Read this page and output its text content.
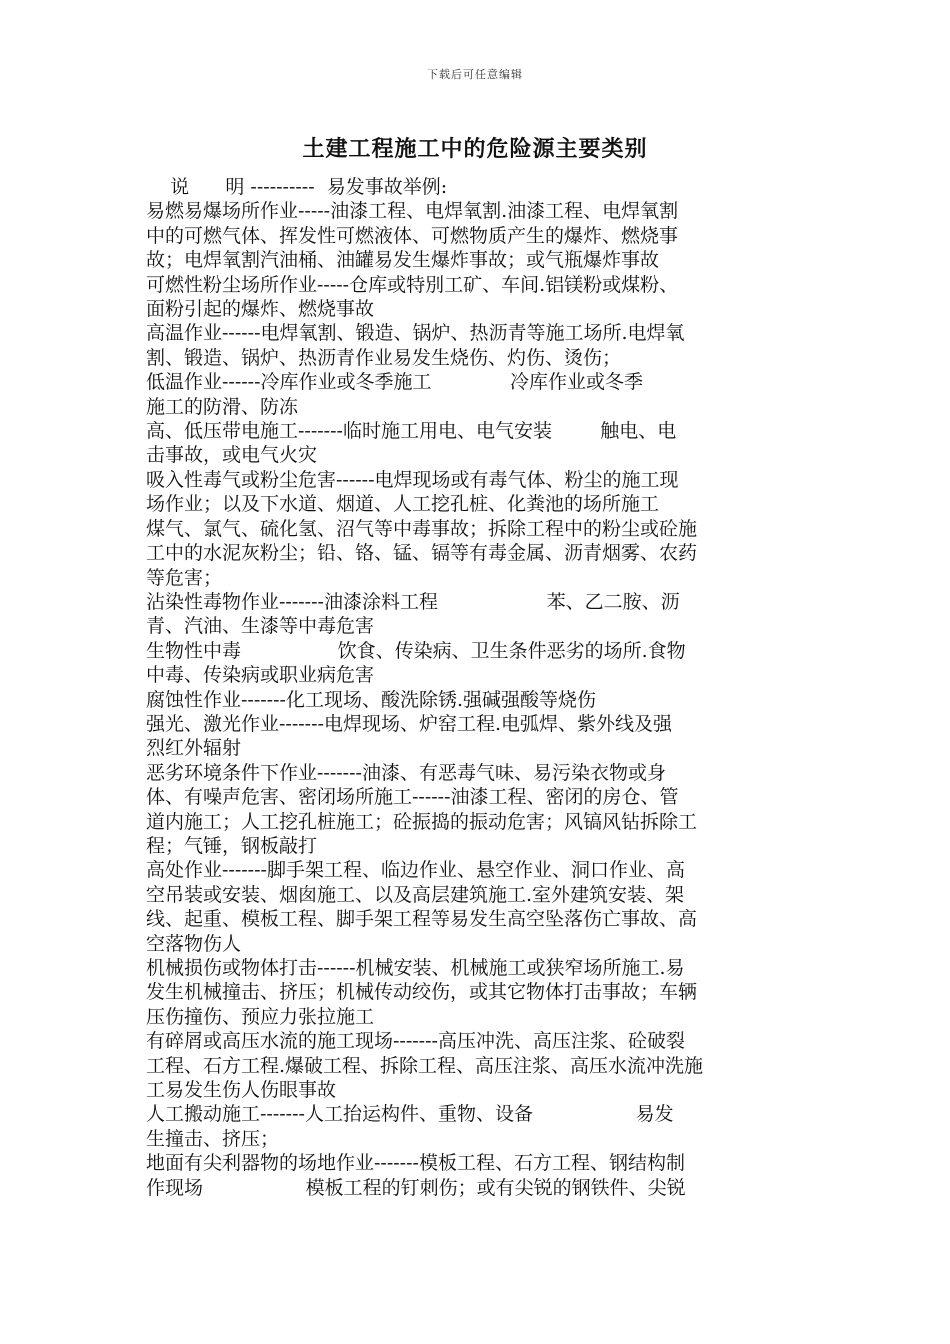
下载后可任意编辑
土建工程施工中的危险源主要类别
说      明 ----------  易发事故举例:
易燃易爆场所作业-----油漆工程、电焊氧割.油漆工程、电焊氧割
中的可燃气体、挥发性可燃液体、可燃物质产生的爆炸、燃烧事
故；电焊氧割汽油桶、油罐易发生爆炸事故；或气瓶爆炸事故
可燃性粉尘场所作业-----仓库或特別工矿、车间.铝镁粉或煤粉、
面粉引起的爆炸、燃烧事故
高温作业------电焊氧割、锻造、锅炉、热沥青等施工场所.电焊氧
割、锻造、锅炉、热沥青作业易发生烧伤、灼伤、烫伤；
低温作业------冷库作业或冬季施工             冷库作业或冬季
施工的防滑、防冻
高、低压带电施工-------临时施工用电、电气安装        触电、电
击事故，或电气火灾
吸入性毒气或粉尘危害------电焊现场或有毒气体、粉尘的施工现
场作业；以及下水道、烟道、人工挖孔桩、化粪池的场所施工
煤气、氯气、硫化氢、沼气等中毒事故；拆除工程中的粉尘或砼施
工中的水泥灰粉尘；铅、铬、锰、镉等有毒金属、沥青烟雾、农药
等危害；
沾染性毒物作业-------油漆涂料工程                  苯、乙二胺、沥
青、汽油、生漆等中毒危害
生物性中毒                饮食、传染病、卫生条件恶劣的场所.食物
中毒、传染病或职业病危害
腐蚀性作业-------化工现场、酸洗除锈.强碱强酸等烧伤
强光、激光作业-------电焊现场、炉窑工程.电弧焊、紫外线及强
烈红外辐射
恶劣环境条件下作业-------油漆、有恶毒气味、易污染衣物或身
体、有噪声危害、密闭场所施工------油漆工程、密闭的房仓、管
道内施工；人工挖孔桩施工；砼振捣的振动危害；风镐风钻拆除工
程；气锤，钢板敲打
高处作业-------脚手架工程、临边作业、悬空作业、洞口作业、高
空吊装或安装、烟囱施工、以及高层建筑施工.室外建筑安装、架
线、起重、模板工程、脚手架工程等易发生高空坠落伤亡事故、高
空落物伤人
机械损伤或物体打击------机械安装、机械施工或狭窄场所施工.易
发生机械撞击、挤压；机械传动绞伤，或其它物体打击事故；车辆
压伤撞伤、预应力张拉施工
有碎屑或高压水流的施工现场-------高压冲洗、高压注浆、砼破裂
工程、石方工程.爆破工程、拆除工程、高压注浆、高压水流冲洗施
工易发生伤人伤眼事故
人工搬动施工-------人工抬运构件、重物、设备                 易发
生撞击、挤压；
地面有尖利器物的场地作业-------模板工程、石方工程、钢结构制
作现场                 模板工程的钉刺伤；或有尖锐的钢铁件、尖锐
